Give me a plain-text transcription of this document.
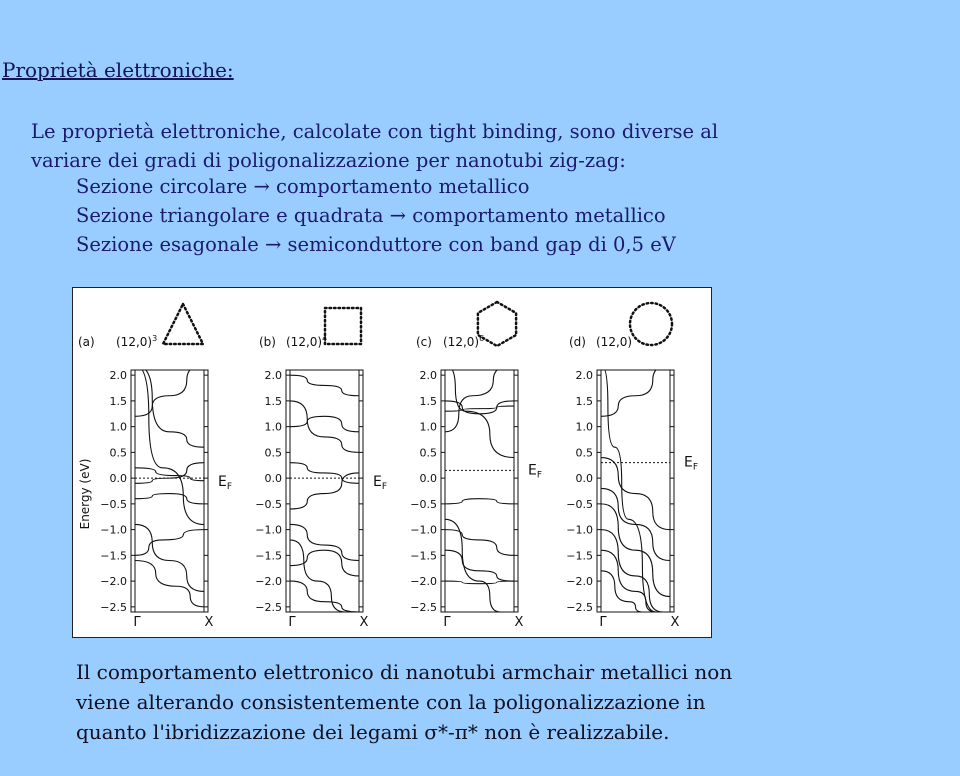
Proprietà elettroniche:
Le proprietà elettroniche, calcolate con tight binding, sono diverse al
variare dei gradi di poligonalizzazione per nanotubi zig-zag:
Sezione circolare → comportamento metallico
Sezione triangolare e quadrata → comportamento metallico
Sezione esagonale → semiconduttore con band gap di 0,5 eV
Energy (eV)
(a) $(12,0)^3$
2.0
1.5
1.0
0.5
0.0
−0.5
−1.0
−1.5
−2.0
−2.5
$E_F$
Γ	X
(b) $(12,0)^4$
2.0
1.5
1.0
0.5
0.0
−0.5
−1.0
−1.5
−2.0
−2.5
$E_F$
Γ	X
(c) $(12,0)^6$
2.0
1.5
1.0
0.5
0.0
−0.5
−1.0
−1.5
−2.0
−2.5
$E_F$
Γ	X
(d) (12,0)
2.0
1.5
1.0
0.5
0.0
−0.5
−1.0
−1.5
−2.0
−2.5
$E_F$
Γ	X
Il comportamento elettronico di nanotubi armchair metallici non
viene alterando consistentemente con la poligonalizzazione in
quanto l'ibridizzazione dei legami σ*-π* non è realizzabile.
